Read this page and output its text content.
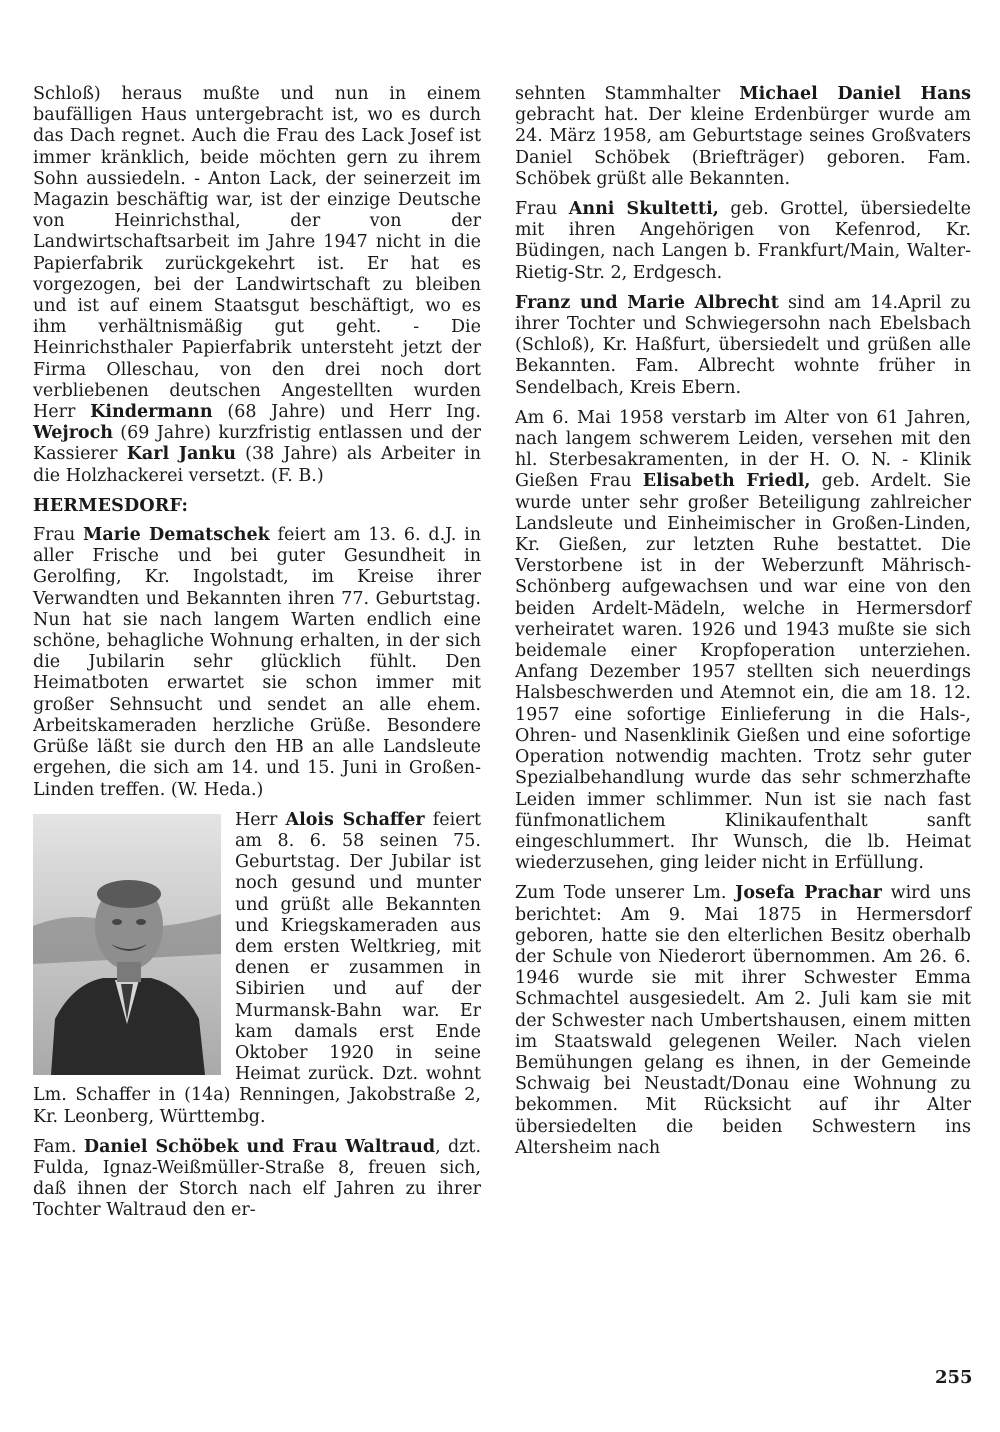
Schloß) heraus mußte und nun in einem baufälligen Haus untergebracht ist, wo es durch das Dach regnet. Auch die Frau des Lack Josef ist immer kränklich, beide möchten gern zu ihrem Sohn aussiedeln. - Anton Lack, der seinerzeit im Magazin beschäftig war, ist der einzige Deutsche von Heinrichsthal, der von der Landwirtschaftsarbeit im Jahre 1947 nicht in die Papierfabrik zurückgekehrt ist. Er hat es vorgezogen, bei der Landwirtschaft zu bleiben und ist auf einem Staatsgut beschäftigt, wo es ihm verhältnismäßig gut geht. - Die Heinrichsthaler Papierfabrik untersteht jetzt der Firma Olleschau, von den drei noch dort verbliebenen deutschen Angestellten wurden Herr Kindermann (68 Jahre) und Herr Ing. Wejroch (69 Jahre) kurzfristig entlassen und der Kassierer Karl Janku (38 Jahre) als Arbeiter in die Holzhackerei versetzt. (F. B.)

HERMESDORF:

Frau Marie Dematschek feiert am 13. 6. d.J. in aller Frische und bei guter Gesundheit in Gerolfing, Kr. Ingolstadt, im Kreise ihrer Verwandten und Bekannten ihren 77. Geburtstag. Nun hat sie nach langem Warten endlich eine schöne, behagliche Wohnung erhalten, in der sich die Jubilarin sehr glücklich fühlt. Den Heimatboten erwartet sie schon immer mit großer Sehnsucht und sendet an alle ehem. Arbeitskameraden herzliche Grüße. Besondere Grüße läßt sie durch den HB an alle Landsleute ergehen, die sich am 14. und 15. Juni in Großen-Linden treffen. (W. Heda.)

Herr Alois Schaffer feiert am 8. 6. 58 seinen 75. Geburtstag. Der Jubilar ist noch gesund und munter und grüßt alle Bekannten und Kriegskameraden aus dem ersten Weltkrieg, mit denen er zusammen in Sibirien und auf der Murmansk-Bahn war. Er kam damals erst Ende Oktober 1920 in seine Heimat zurück. Dzt. wohnt Lm. Schaffer in (14a) Renningen, Jakobstraße 2, Kr. Leonberg, Württembg.

Fam. Daniel Schöbek und Frau Waltraud, dzt. Fulda, Ignaz-Weißmüller-Straße 8, freuen sich, daß ihnen der Storch nach elf Jahren zu ihrer Tochter Waltraud den er-

sehnten Stammhalter Michael Daniel Hans gebracht hat. Der kleine Erdenbürger wurde am 24. März 1958, am Geburtstage seines Großvaters Daniel Schöbek (Briefträger) geboren. Fam. Schöbek grüßt alle Bekannten.

Frau Anni Skultetti, geb. Grottel, übersiedelte mit ihren Angehörigen von Kefenrod, Kr. Büdingen, nach Langen b. Frankfurt/Main, Walter-Rietig-Str. 2, Erdgesch.

Franz und Marie Albrecht sind am 14.April zu ihrer Tochter und Schwiegersohn nach Ebelsbach (Schloß), Kr. Haßfurt, übersiedelt und grüßen alle Bekannten. Fam. Albrecht wohnte früher in Sendelbach, Kreis Ebern.

Am 6. Mai 1958 verstarb im Alter von 61 Jahren, nach langem schwerem Leiden, versehen mit den hl. Sterbesakramenten, in der H. O. N. - Klinik Gießen Frau Elisabeth Friedl, geb. Ardelt. Sie wurde unter sehr großer Beteiligung zahlreicher Landsleute und Einheimischer in Großen-Linden, Kr. Gießen, zur letzten Ruhe bestattet. Die Verstorbene ist in der Weberzunft Mährisch-Schönberg aufgewachsen und war eine von den beiden Ardelt-Mädeln, welche in Hermersdorf verheiratet waren. 1926 und 1943 mußte sie sich beidemale einer Kropfoperation unterziehen. Anfang Dezember 1957 stellten sich neuerdings Halsbeschwerden und Atemnot ein, die am 18. 12. 1957 eine sofortige Einlieferung in die Hals-, Ohren- und Nasenklinik Gießen und eine sofortige Operation notwendig machten. Trotz sehr guter Spezialbehandlung wurde das sehr schmerzhafte Leiden immer schlimmer. Nun ist sie nach fast fünfmonatlichem Klinikaufenthalt sanft eingeschlummert. Ihr Wunsch, die lb. Heimat wiederzusehen, ging leider nicht in Erfüllung.

Zum Tode unserer Lm. Josefa Prachar wird uns berichtet: Am 9. Mai 1875 in Hermersdorf geboren, hatte sie den elterlichen Besitz oberhalb der Schule von Niederort übernommen. Am 26. 6. 1946 wurde sie mit ihrer Schwester Emma Schmachtel ausgesiedelt. Am 2. Juli kam sie mit der Schwester nach Umbertshausen, einem mitten im Staatswald gelegenen Weiler. Nach vielen Bemühungen gelang es ihnen, in der Gemeinde Schwaig bei Neustadt/Donau eine Wohnung zu bekommen. Mit Rücksicht auf ihr Alter übersiedelten die beiden Schwestern ins Altersheim nach

255
